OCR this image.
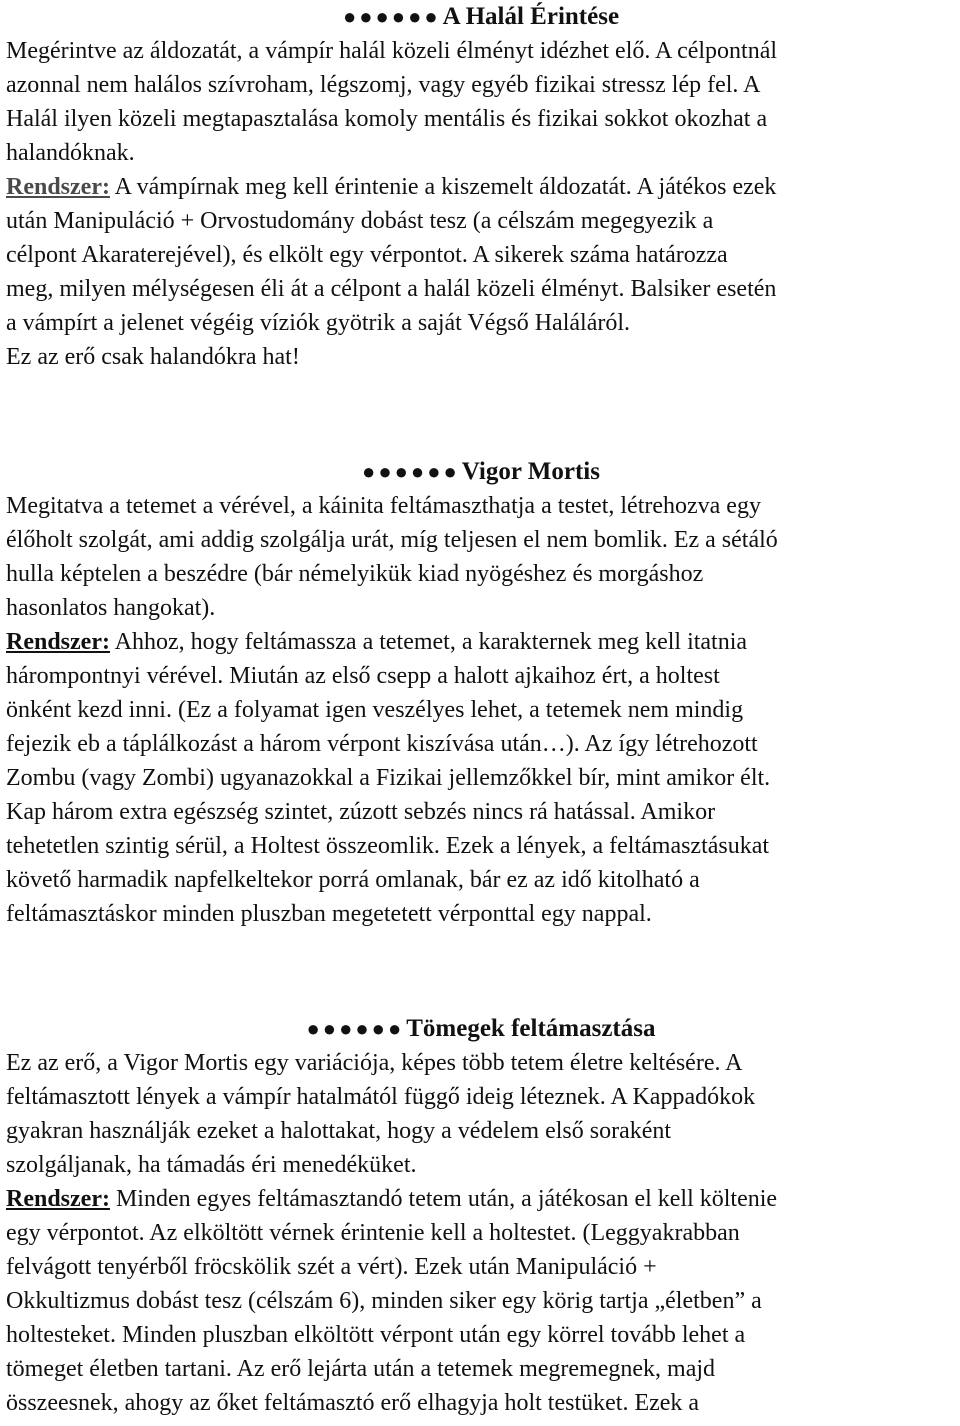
●●●●●●A Halál Érintése
Megérintve az áldozatát, a vámpír halál közeli élményt idézhet elő. A célpontnál
azonnal nem halálos szívroham, légszomj, vagy egyéb fizikai stressz lép fel. A
Halál ilyen közeli megtapasztalása komoly mentális és fizikai sokkot okozhat a
halandóknak.
Rendszer: A vámpírnak meg kell érintenie a kiszemelt áldozatát. A játékos ezek
után Manipuláció + Orvostudomány dobást tesz (a célszám megegyezik a
célpont Akaraterejével), és elkölt egy vérpontot. A sikerek száma határozza
meg, milyen mélységesen éli át a célpont a halál közeli élményt. Balsiker esetén
a vámpírt a jelenet végéig víziók gyötrik a saját Végső Haláláról.
Ez az erő csak halandókra hat!
●●●●●●Vigor Mortis
Megitatva a tetemet a vérével, a káinita feltámaszthatja a testet, létrehozva egy
élőholt szolgát, ami addig szolgálja urát, míg teljesen el nem bomlik. Ez a sétáló
hulla képtelen a beszédre (bár némelyikük kiad nyögéshez és morgáshoz
hasonlatos hangokat).
Rendszer: Ahhoz, hogy feltámassza a tetemet, a karakternek meg kell itatnia
hárompontnyi vérével. Miután az első csepp a halott ajkaihoz ért, a holtest
önként kezd inni. (Ez a folyamat igen veszélyes lehet, a tetemek nem mindig
fejezik eb a táplálkozást a három vérpont kiszívása után…). Az így létrehozott
Zombu (vagy Zombi) ugyanazokkal a Fizikai jellemzőkkel bír, mint amikor élt.
Kap három extra egészség szintet, zúzott sebzés nincs rá hatással. Amikor
tehetetlen szintig sérül, a Holtest összeomlik. Ezek a lények, a feltámasztásukat
követő harmadik napfelkeltekor porrá omlanak, bár ez az idő kitolható a
feltámasztáskor minden pluszban megetetett vérponttal egy nappal.
●●●●●●Tömegek feltámasztása
Ez az erő, a Vigor Mortis egy variációja, képes több tetem életre keltésére. A
feltámasztott lények a vámpír hatalmától függő ideig léteznek. A Kappadókok
gyakran használják ezeket a halottakat, hogy a védelem első soraként
szolgáljanak, ha támadás éri menedéküket.
Rendszer: Minden egyes feltámasztandó tetem után, a játékosan el kell költenie
egy vérpontot. Az elköltött vérnek érintenie kell a holtestet. (Leggyakrabban
felvágott tenyérből fröcskölik szét a vért). Ezek után Manipuláció +
Okkultizmus dobást tesz (célszám 6), minden siker egy körig tartja „életben” a
holtesteket. Minden pluszban elköltött vérpont után egy körrel tovább lehet a
tömeget életben tartani. Az erő lejárta után a tetemek megremegnek, majd
összeesnek, ahogy az őket feltámasztó erő elhagyja holt testüket. Ezek a
